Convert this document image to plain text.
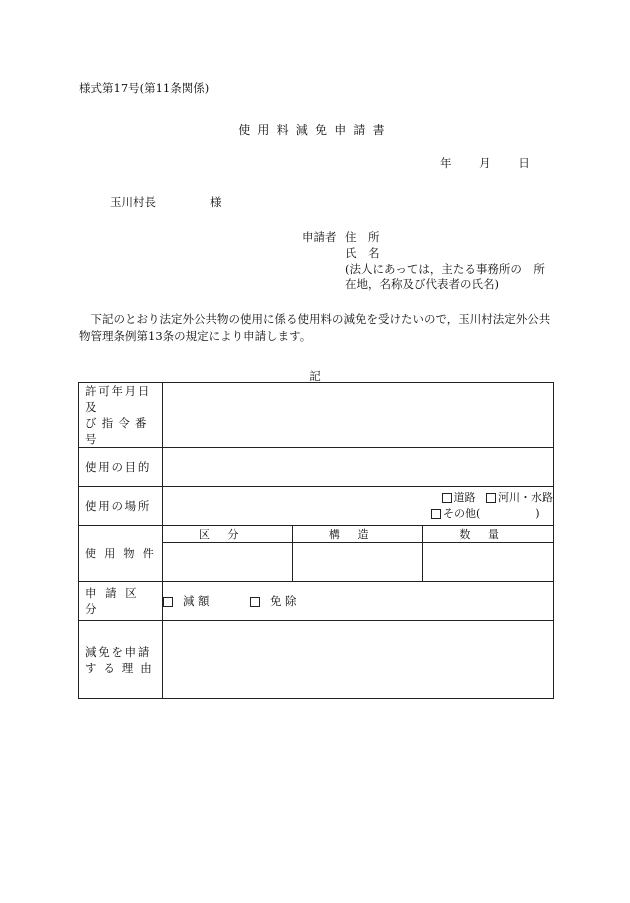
様式第17号(第11条関係)
使用料減免申請書
年 月 日
玉川村長	様
申請者 住　所
氏　名
(法人にあっては，主たる事務所の　所
在地，名称及び代表者の氏名)
下記のとおり法定外公共物の使用に係る使用料の減免を受けたいので，玉川村法定外公共物管理条例第13条の規定により申請します。
記
許可年月日及
び指令番号			

使用の目的			
使用の場所	道路 河川・水路
その他(　　　　　)		

使用物件	区分	構造	数量

申請区分	減額 免除		

減免を申請
する理由			
